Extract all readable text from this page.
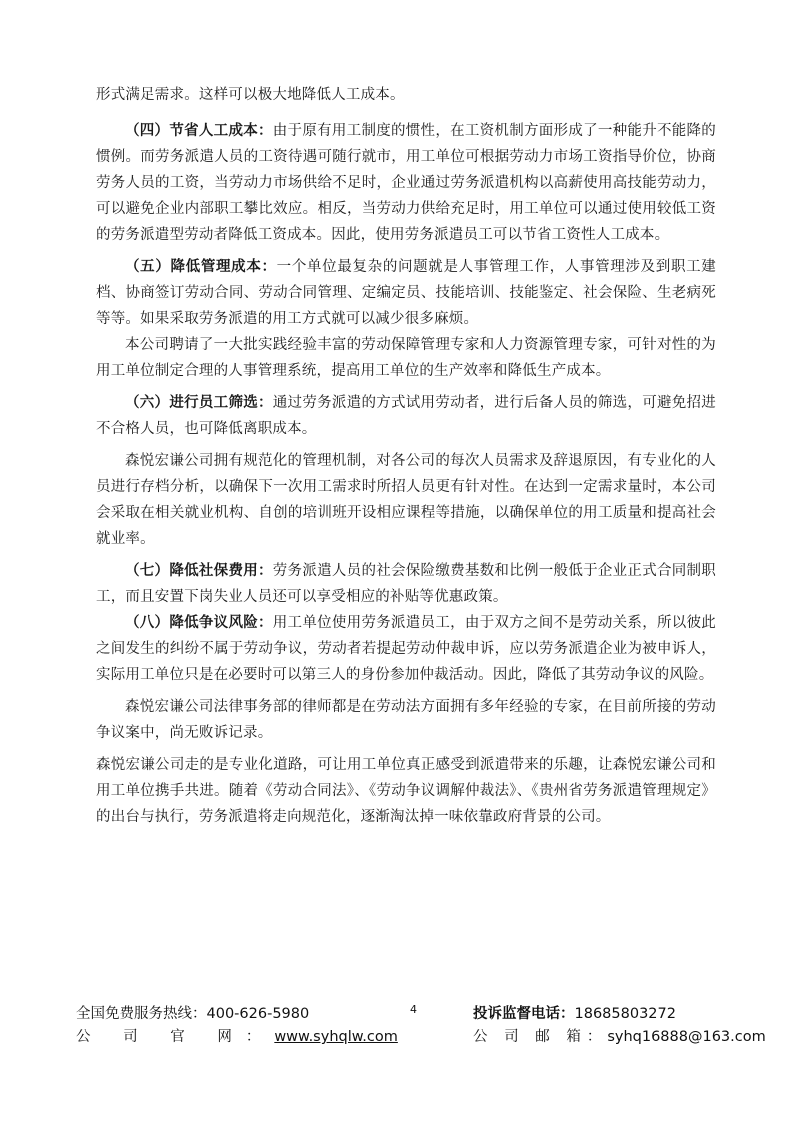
形式满足需求。这样可以极大地降低人工成本。

（四）节省人工成本：由于原有用工制度的惯性，在工资机制方面形成了一种能升不能降的惯例。而劳务派遣人员的工资待遇可随行就市，用工单位可根据劳动力市场工资指导价位，协商劳务人员的工资，当劳动力市场供给不足时，企业通过劳务派遣机构以高薪使用高技能劳动力，可以避免企业内部职工攀比效应。相反，当劳动力供给充足时，用工单位可以通过使用较低工资的劳务派遣型劳动者降低工资成本。因此，使用劳务派遣员工可以节省工资性人工成本。

（五）降低管理成本：一个单位最复杂的问题就是人事管理工作，人事管理涉及到职工建档、协商签订劳动合同、劳动合同管理、定编定员、技能培训、技能鉴定、社会保险、生老病死等等。如果采取劳务派遣的用工方式就可以减少很多麻烦。

本公司聘请了一大批实践经验丰富的劳动保障管理专家和人力资源管理专家，可针对性的为用工单位制定合理的人事管理系统，提高用工单位的生产效率和降低生产成本。

（六）进行员工筛选：通过劳务派遣的方式试用劳动者，进行后备人员的筛选，可避免招进不合格人员，也可降低离职成本。

森悦宏谦公司拥有规范化的管理机制，对各公司的每次人员需求及辞退原因，有专业化的人员进行存档分析，以确保下一次用工需求时所招人员更有针对性。在达到一定需求量时，本公司会采取在相关就业机构、自创的培训班开设相应课程等措施，以确保单位的用工质量和提高社会就业率。

（七）降低社保费用：劳务派遣人员的社会保险缴费基数和比例一般低于企业正式合同制职工，而且安置下岗失业人员还可以享受相应的补贴等优惠政策。

（八）降低争议风险：用工单位使用劳务派遣员工，由于双方之间不是劳动关系，所以彼此之间发生的纠纷不属于劳动争议，劳动者若提起劳动仲裁申诉，应以劳务派遣企业为被申诉人，实际用工单位只是在必要时可以第三人的身份参加仲裁活动。因此，降低了其劳动争议的风险。

森悦宏谦公司法律事务部的律师都是在劳动法方面拥有多年经验的专家，在目前所接的劳动争议案中，尚无败诉记录。

森悦宏谦公司走的是专业化道路，可让用工单位真正感受到派遣带来的乐趣，让森悦宏谦公司和用工单位携手共进。随着《劳动合同法》、《劳动争议调解仲裁法》、《贵州省劳务派遣管理规定》的出台与执行，劳务派遣将走向规范化，逐渐淘汰掉一味依靠政府背景的公司。

全国免费服务热线：400-626-5980
公 司 官 网：www.syhqlw.com
投诉监督电话：18685803272
公 司 邮 箱：syhq16888@163.com
4
